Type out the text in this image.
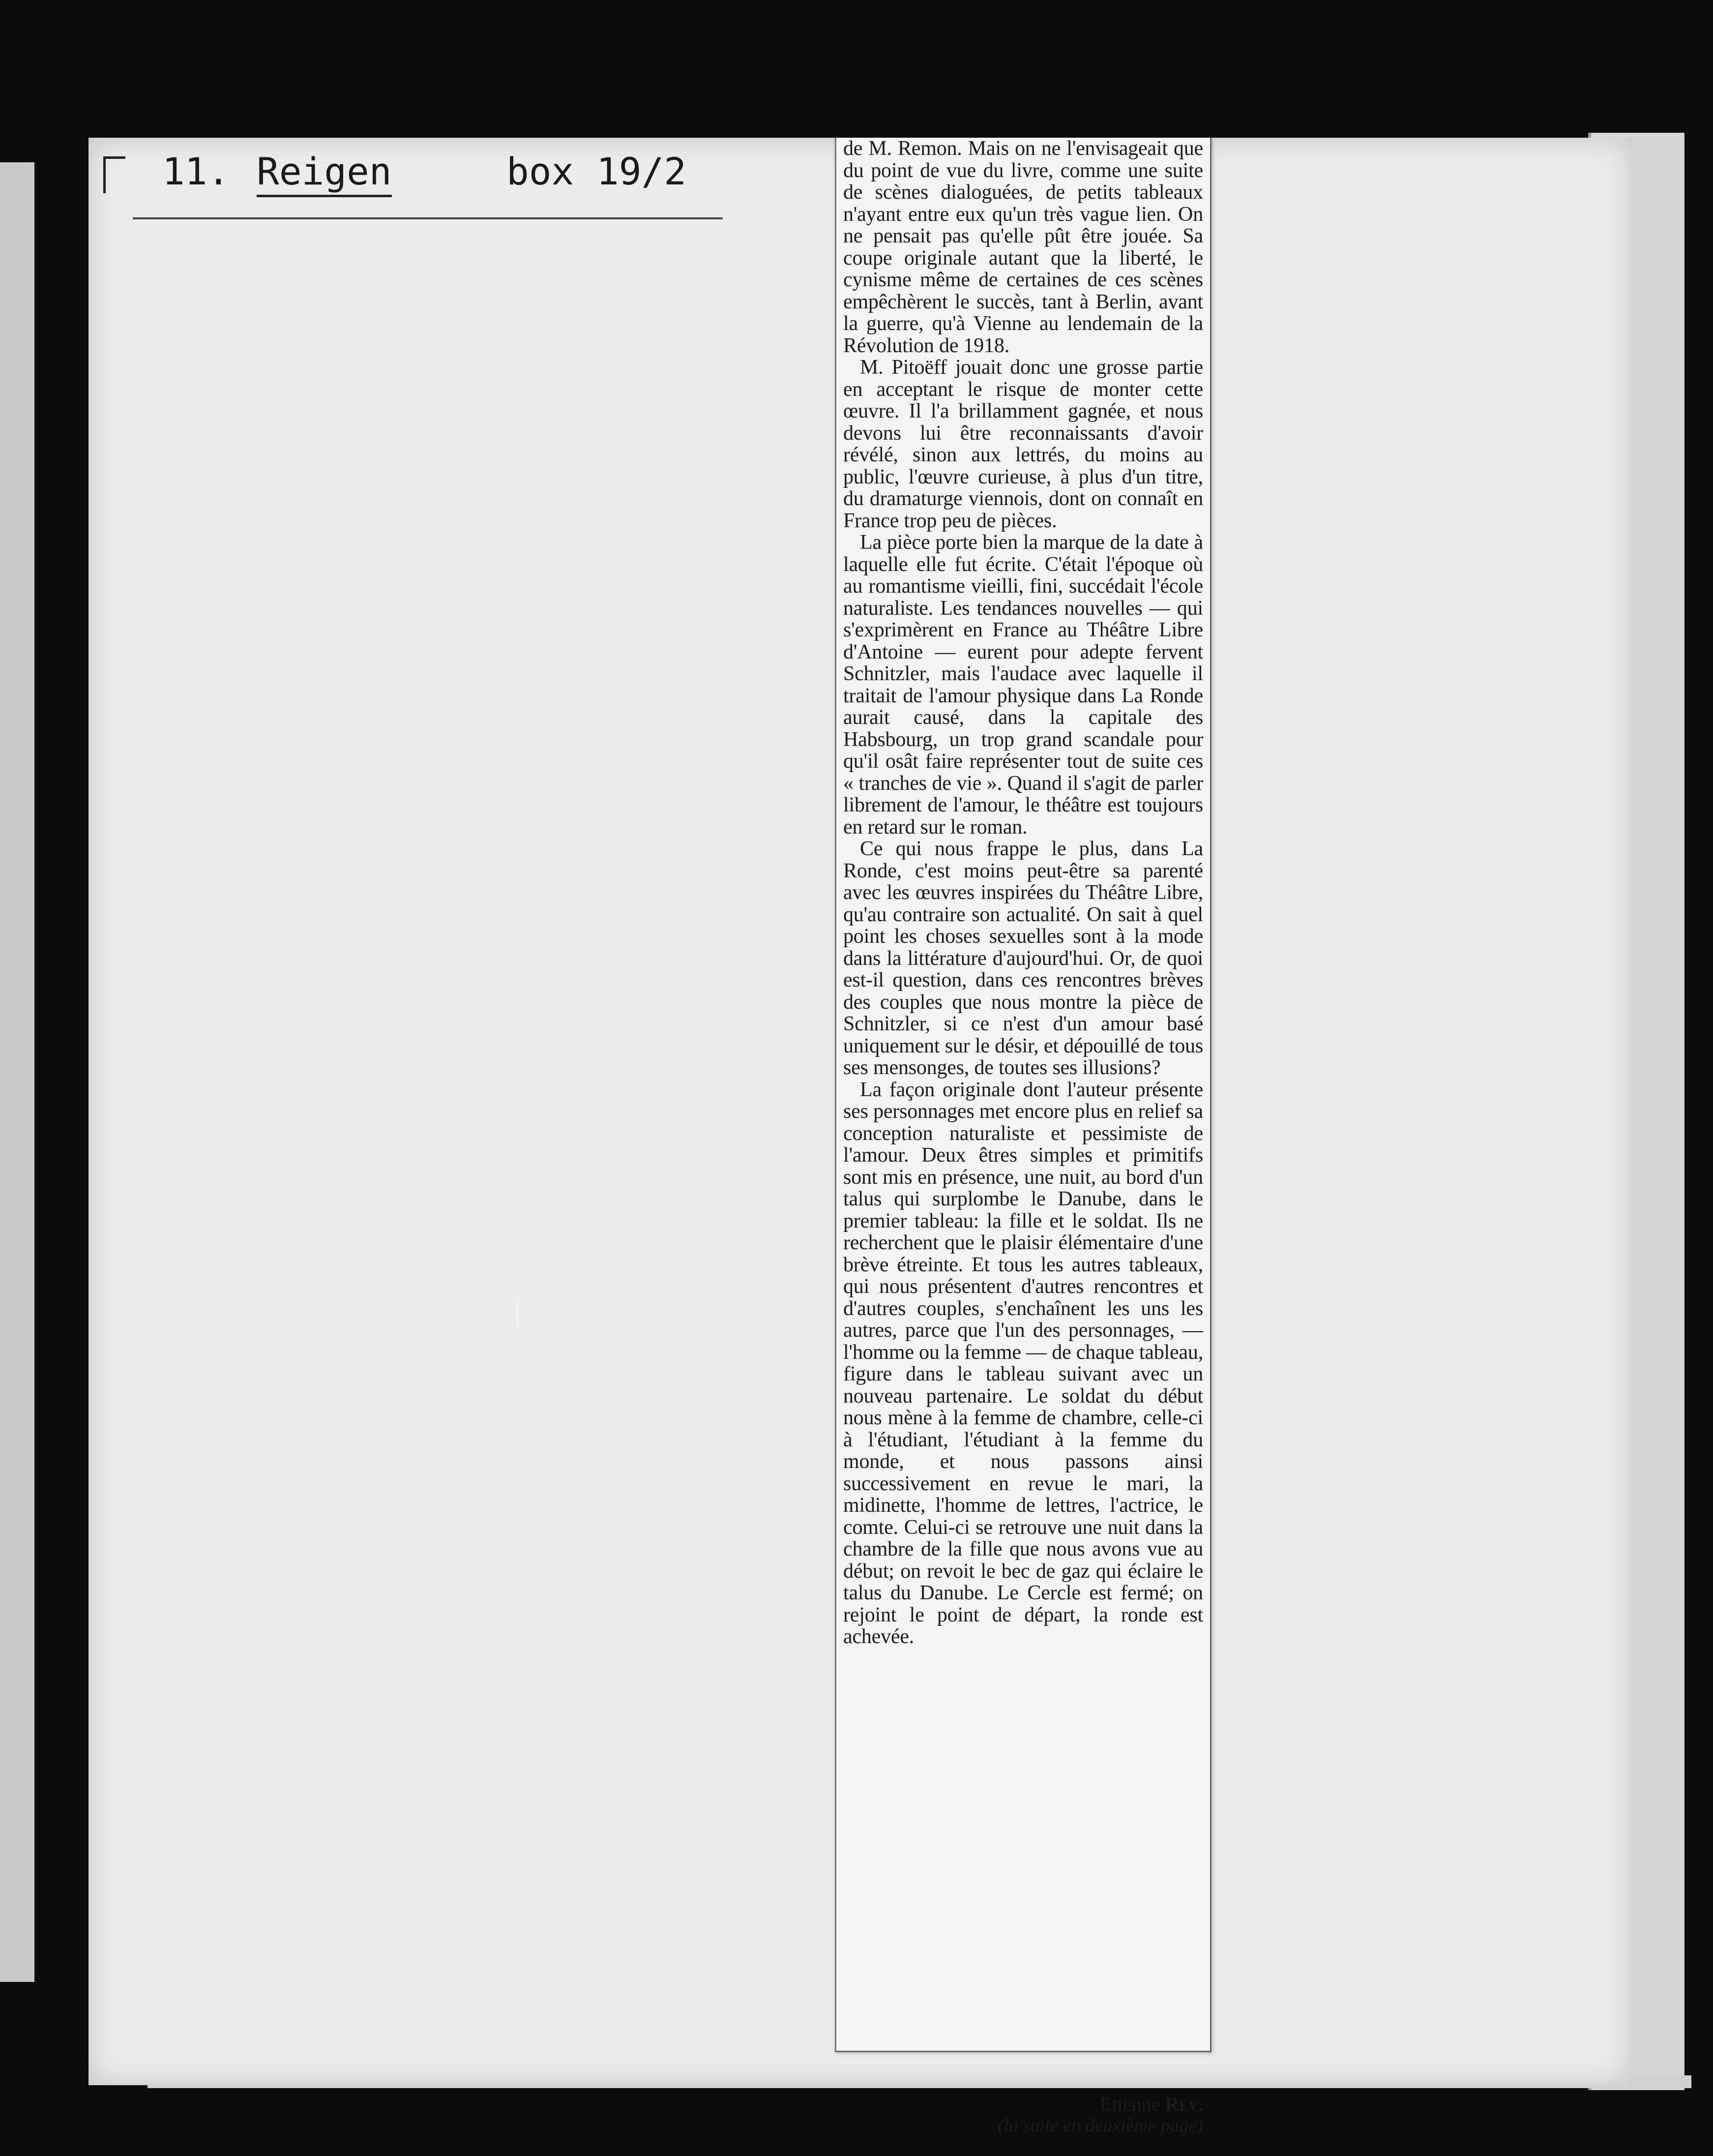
11. Reigen	box 19/2

de M. Remon. Mais on ne l'envisageait que du point de vue du livre, comme une suite de scènes dialoguées, de petits tableaux n'ayant entre eux qu'un très vague lien. On ne pensait pas qu'elle pût être jouée. Sa coupe originale autant que la liberté, le cynisme même de certaines de ces scènes empêchèrent le succès, tant à Berlin, avant la guerre, qu'à Vienne au lendemain de la Révolution de 1918.

M. Pitoëff jouait donc une grosse partie en acceptant le risque de monter cette œuvre. Il l'a brillamment gagnée, et nous devons lui être reconnaissants d'avoir révélé, sinon aux lettrés, du moins au public, l'œuvre curieuse, à plus d'un titre, du dramaturge viennois, dont on connaît en France trop peu de pièces.

La pièce porte bien la marque de la date à laquelle elle fut écrite. C'était l'époque où au romantisme vieilli, fini, succédait l'école naturaliste. Les tendances nouvelles — qui s'exprimèrent en France au Théâtre Libre d'Antoine — eurent pour adepte fervent Schnitzler, mais l'audace avec laquelle il traitait de l'amour physique dans La Ronde aurait causé, dans la capitale des Habsbourg, un trop grand scandale pour qu'il osât faire représenter tout de suite ces « tranches de vie ». Quand il s'agit de parler librement de l'amour, le théâtre est toujours en retard sur le roman.

Ce qui nous frappe le plus, dans La Ronde, c'est moins peut-être sa parenté avec les œuvres inspirées du Théâtre Libre, qu'au contraire son actualité. On sait à quel point les choses sexuelles sont à la mode dans la littérature d'aujourd'hui. Or, de quoi est-il question, dans ces rencontres brèves des couples que nous montre la pièce de Schnitzler, si ce n'est d'un amour basé uniquement sur le désir, et dépouillé de tous ses mensonges, de toutes ses illusions?

La façon originale dont l'auteur présente ses personnages met encore plus en relief sa conception naturaliste et pessimiste de l'amour. Deux êtres simples et primitifs sont mis en présence, une nuit, au bord d'un talus qui surplombe le Danube, dans le premier tableau: la fille et le soldat. Ils ne recherchent que le plaisir élémentaire d'une brève étreinte. Et tous les autres tableaux, qui nous présentent d'autres rencontres et d'autres couples, s'enchaînent les uns les autres, parce que l'un des personnages, — l'homme ou la femme — de chaque tableau, figure dans le tableau suivant avec un nouveau partenaire. Le soldat du début nous mène à la femme de chambre, celle-ci à l'étudiant, l'étudiant à la femme du monde, et nous passons ainsi successivement en revue le mari, la midinette, l'homme de lettres, l'actrice, le comte. Celui-ci se retrouve une nuit dans la chambre de la fille que nous avons vue au début; on revoit le bec de gaz qui éclaire le talus du Danube. Le Cercle est fermé; on rejoint le point de départ, la ronde est achevée.

Etienne Rey.
(la suite en deuxième page)
